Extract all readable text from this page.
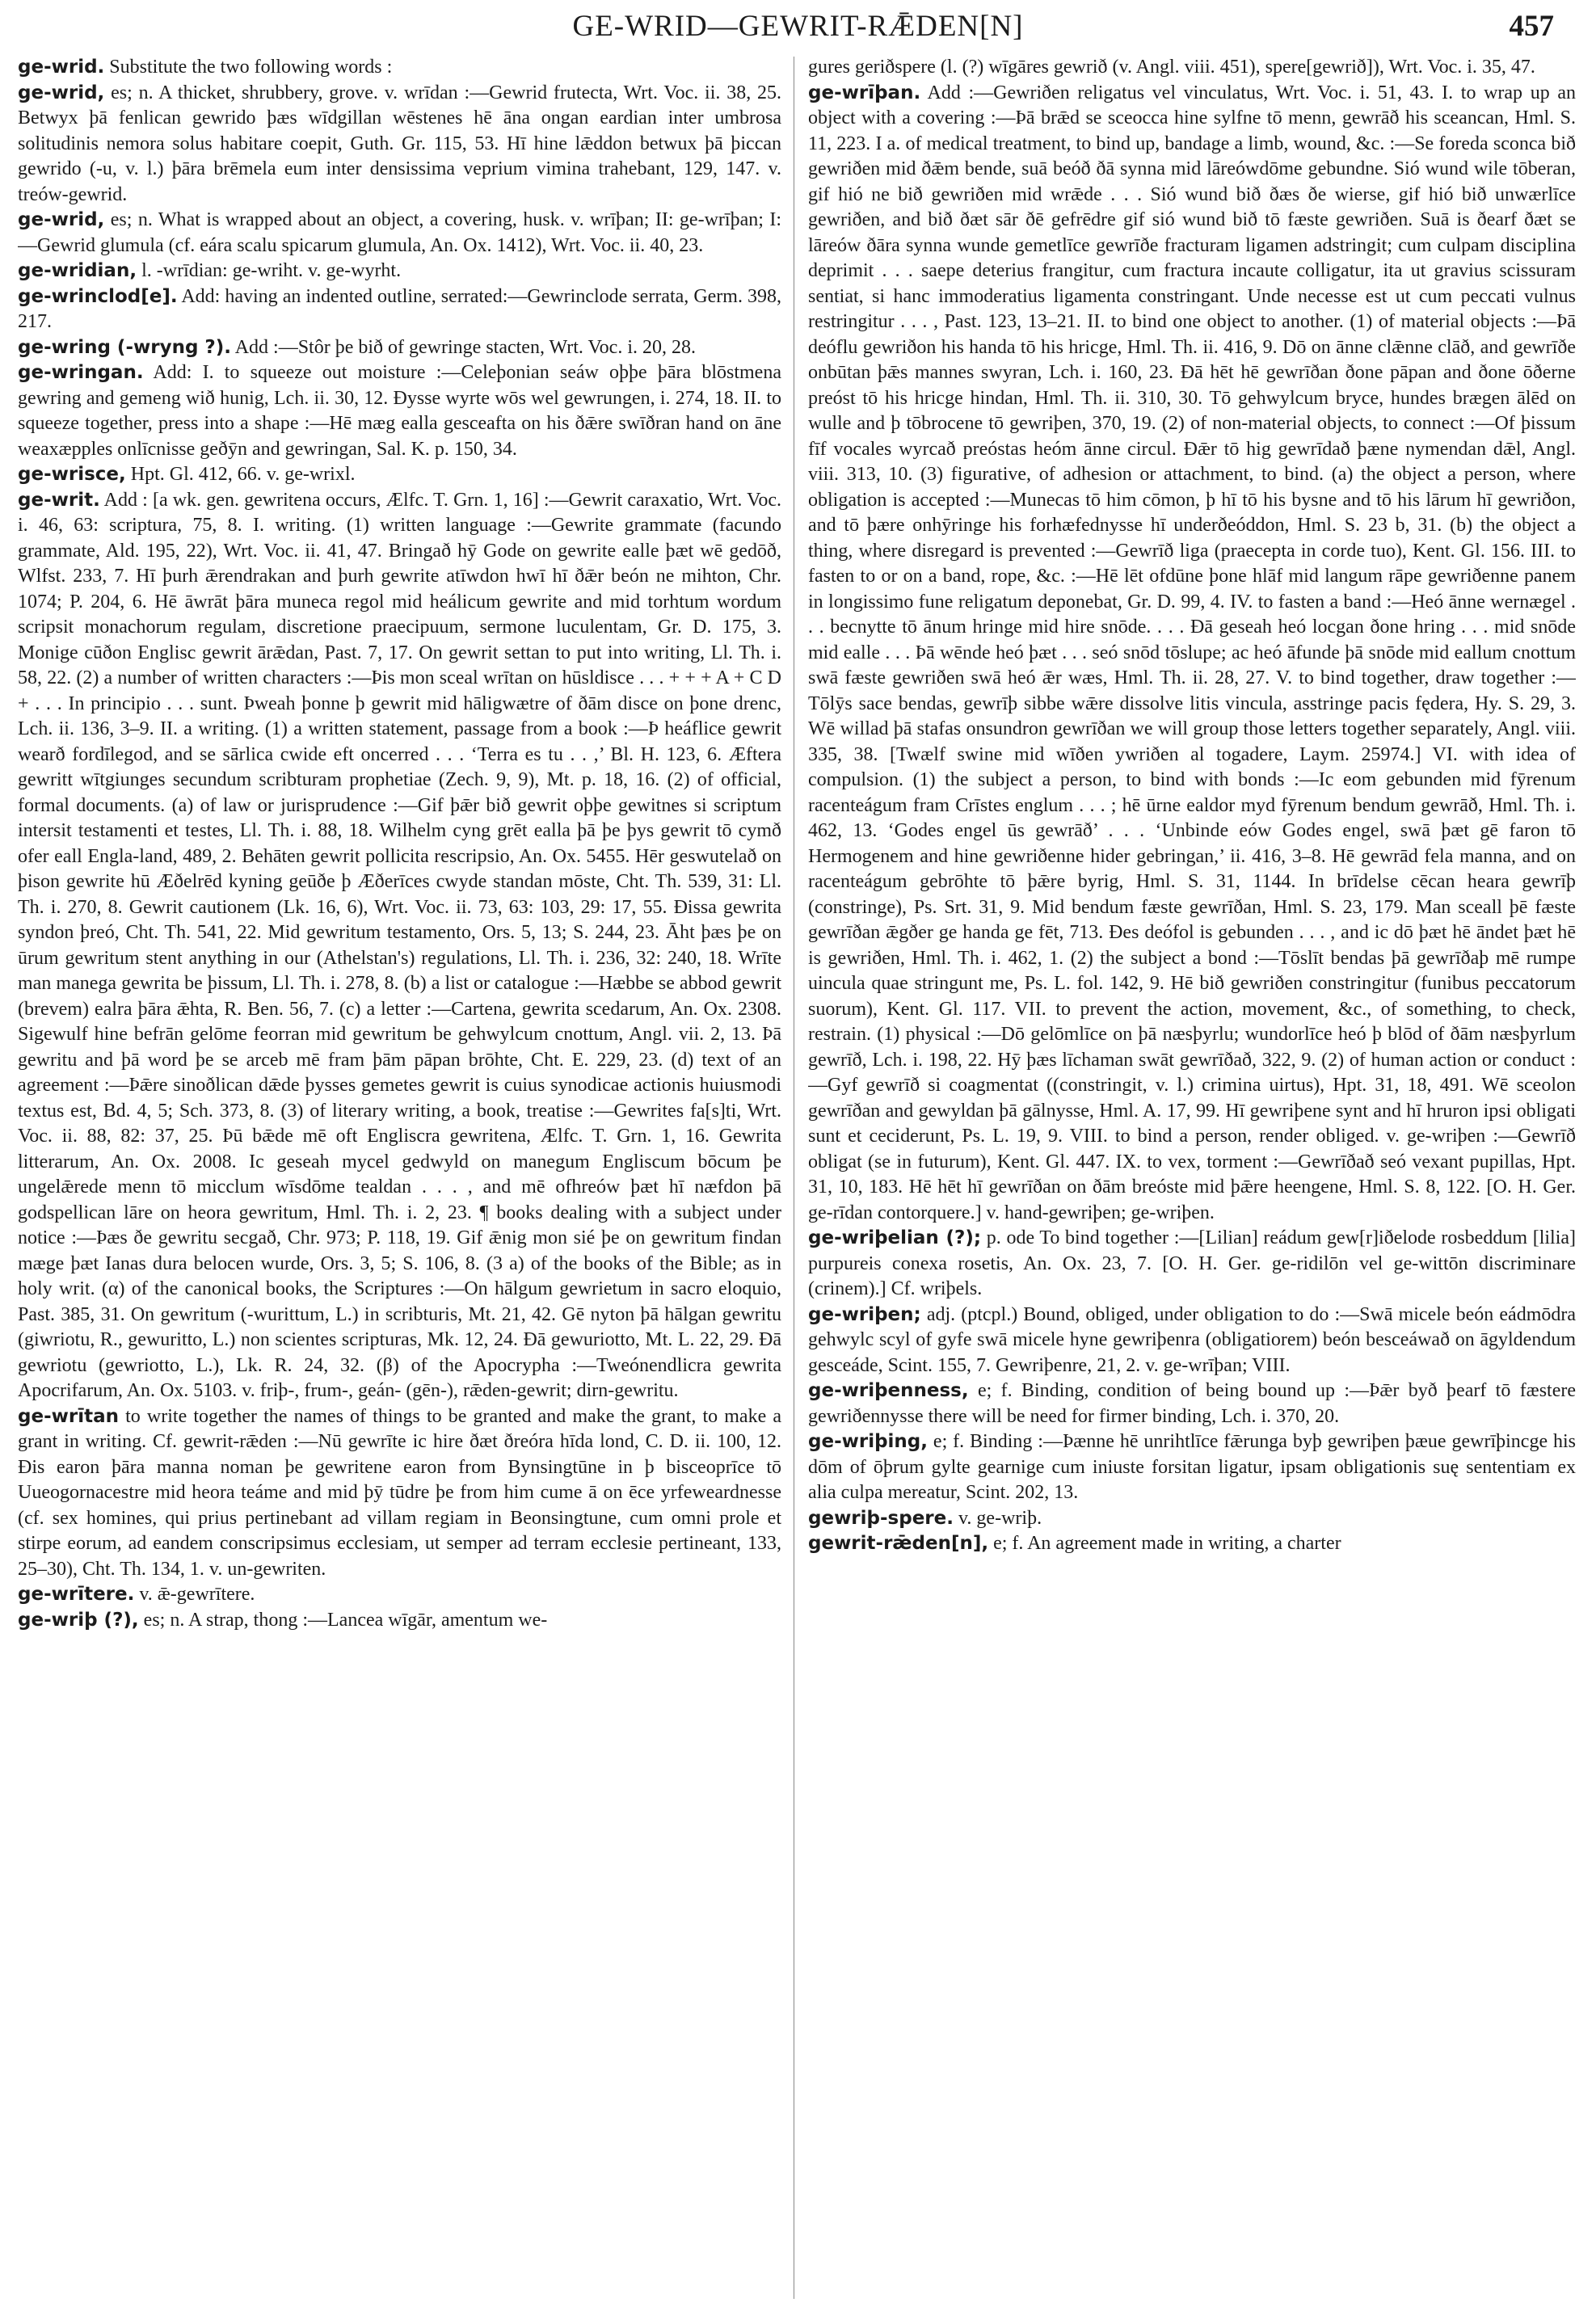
GE-WRID—GEWRIT-RǢDEN[N]	457

ge-wrid. Substitute the two following words :

ge-wrid, es; n. A thicket, shrubbery, grove. v. wrīdan :—Gewrid frutecta, Wrt. Voc. ii. 38, 25. Betwyx þā fenlican gewrido þæs wīdgillan wēstenes hē āna ongan eardian inter umbrosa solitudinis nemora solus habitare coepit, Guth. Gr. 115, 53. Hī hine lǣddon betwux þā þiccan gewrido (-u, v. l.) þāra brēmela eum inter densissima veprium vimina trahebant, 129, 147. v. treów-gewrid.

ge-wrid, es; n. What is wrapped about an object, a covering, husk. v. wrīþan; II: ge-wrīþan; I:—Gewrid glumula (cf. eára scalu spicarum glumula, An. Ox. 1412), Wrt. Voc. ii. 40, 23.

ge-wridian, l. -wrīdian: ge-wriht. v. ge-wyrht.

ge-wrinclod[e]. Add: having an indented outline, serrated:—Gewrinclode serrata, Germ. 398, 217.

ge-wring (-wryng ?). Add :—Stôr þe bið of gewringe stacten, Wrt. Voc. i. 20, 28.

ge-wringan. Add: I. to squeeze out moisture :—Celeþonian seáw oþþe þāra blōstmena gewring and gemeng wið hunig, Lch. ii. 30, 12. Ðysse wyrte wōs wel gewrungen, i. 274, 18. II. to squeeze together, press into a shape :—Hē mæg ealla gesceafta on his ðǣre swīðran hand on āne weaxæpples onlīcnisse geðȳn and gewringan, Sal. K. p. 150, 34.

ge-wrisce, Hpt. Gl. 412, 66. v. ge-wrixl.

ge-writ. Add : [a wk. gen. gewritena occurs, Ælfc. T. Grn. 1, 16] :—Gewrit caraxatio, Wrt. Voc. i. 46, 63: scriptura, 75, 8. I. writing. (1) written language :—Gewrite grammate (facundo grammate, Ald. 195, 22), Wrt. Voc. ii. 41, 47. Bringað hȳ Gode on gewrite ealle þæt wē gedōð, Wlfst. 233, 7. Hī þurh ǣrendrakan and þurh gewrite atīwdon hwī hī ðǣr beón ne mihton, Chr. 1074; P. 204, 6. Hē āwrāt þāra muneca regol mid heálicum gewrite and mid torhtum wordum scripsit monachorum regulam, discretione praecipuum, sermone luculentam, Gr. D. 175, 3. Monige cūðon Englisc gewrit ārǣdan, Past. 7, 17. On gewrit settan to put into writing, Ll. Th. i. 58, 22. (2) a number of written characters :—Þis mon sceal wrītan on hūsldisce . . . + + + A + C D + . . . In principio . . . sunt. Þweah þonne þ gewrit mid hāligwætre of ðām disce on þone drenc, Lch. ii. 136, 3–9. II. a writing. (1) a written statement, passage from a book :—Þ heáflice gewrit wearð fordīlegod, and se sārlica cwide eft oncerred . . . ‘Terra es tu . . ,’ Bl. H. 123, 6. Æftera gewritt wītgiunges secundum scribturam prophetiae (Zech. 9, 9), Mt. p. 18, 16. (2) of official, formal documents. (a) of law or jurisprudence :—Gif þǣr bið gewrit oþþe gewitnes si scriptum intersit testamenti et testes, Ll. Th. i. 88, 18. Wilhelm cyng grēt ealla þā þe þys gewrit tō cymð ofer eall Engla-land, 489, 2. Behāten gewrit pollicita rescripsio, An. Ox. 5455. Hēr geswutelað on þison gewrite hū Æðelrēd kyning geūðe þ Æðerīces cwyde standan mōste, Cht. Th. 539, 31: Ll. Th. i. 270, 8. Gewrit cautionem (Lk. 16, 6), Wrt. Voc. ii. 73, 63: 103, 29: 17, 55. Ðissa gewrita syndon þreó, Cht. Th. 541, 22. Mid gewritum testamento, Ors. 5, 13; S. 244, 23. Āht þæs þe on ūrum gewritum stent anything in our (Athelstan's) regulations, Ll. Th. i. 236, 32: 240, 18. Wrīte man manega gewrita be þissum, Ll. Th. i. 278, 8. (b) a list or catalogue :—Hæbbe se abbod gewrit (brevem) ealra þāra ǣhta, R. Ben. 56, 7. (c) a letter :—Cartena, gewrita scedarum, An. Ox. 2308. Sigewulf hine befrān gelōme feorran mid gewritum be gehwylcum cnottum, Angl. vii. 2, 13. Þā gewritu and þā word þe se arceb mē fram þām pāpan brōhte, Cht. E. 229, 23. (d) text of an agreement :—Þǣre sinoðlican dǣde þysses gemetes gewrit is cuius synodicae actionis huiusmodi textus est, Bd. 4, 5; Sch. 373, 8. (3) of literary writing, a book, treatise :—Gewrites fa[s]ti, Wrt. Voc. ii. 88, 82: 37, 25. Þū bǣde mē oft Engliscra gewritena, Ælfc. T. Grn. 1, 16. Gewrita litterarum, An. Ox. 2008. Ic geseah mycel gedwyld on manegum Engliscum bōcum þe ungelǣrede menn tō micclum wīsdōme tealdan . . . , and mē ofhreów þæt hī næfdon þā godspellican lāre on heora gewritum, Hml. Th. i. 2, 23. ¶ books dealing with a subject under notice :—Þæs ðe gewritu secgað, Chr. 973; P. 118, 19. Gif ǣnig mon sié þe on gewritum findan mæge þæt Ianas dura belocen wurde, Ors. 3, 5; S. 106, 8. (3 a) of the books of the Bible; as in holy writ. (α) of the canonical books, the Scriptures :—On hālgum gewrietum in sacro eloquio, Past. 385, 31. On gewritum (-wurittum, L.) in scribturis, Mt. 21, 42. Gē nyton þā hālgan gewritu (giwriotu, R., gewuritto, L.) non scientes scripturas, Mk. 12, 24. Ðā gewuriotto, Mt. L. 22, 29. Ðā gewriotu (gewriotto, L.), Lk. R. 24, 32. (β) of the Apocrypha :—Tweónendlicra gewrita Apocrifarum, An. Ox. 5103. v. friþ-, frum-, geán- (gēn-), rǣden-gewrit; dirn-gewritu.

ge-wrītan to write together the names of things to be granted and make the grant, to make a grant in writing. Cf. gewrit-rǣden :—Nū gewrīte ic hire ðæt ðreóra hīda lond, C. D. ii. 100, 12. Ðis earon þāra manna noman þe gewritene earon from Bynsingtūne in þ bisceoprīce tō Uueogornacestre mid heora teáme and mid þȳ tūdre þe from him cume ā on ēce yrfeweardnesse (cf. sex homines, qui prius pertinebant ad villam regiam in Beonsingtune, cum omni prole et stirpe eorum, ad eandem conscripsimus ecclesiam, ut semper ad terram ecclesie pertineant, 133, 25–30), Cht. Th. 134, 1. v. un-gewriten.

ge-wrītere. v. ǣ-gewrītere.

ge-wriþ (?), es; n. A strap, thong :—Lancea wīgār, amentum we-

gures geriðspere (l. (?) wīgāres gewrið (v. Angl. viii. 451), spere[gewrið]), Wrt. Voc. i. 35, 47.

ge-wrīþan. Add :—Gewriðen religatus vel vinculatus, Wrt. Voc. i. 51, 43. I. to wrap up an object with a covering :—Þā brǣd se sceocca hine sylfne tō menn, gewrāð his sceancan, Hml. S. 11, 223. I a. of medical treatment, to bind up, bandage a limb, wound, &c. :—Se foreda sconca bið gewriðen mid ðǣm bende, suā beóð ðā synna mid lāreówdōme gebundne. Sió wund wile tōberan, gif hió ne bið gewriðen mid wrǣde . . . Sió wund bið ðæs ðe wierse, gif hió bið unwærlīce gewriðen, and bið ðæt sār ðē gefrēdre gif sió wund bið tō fæste gewriðen. Suā is ðearf ðæt se lāreów ðāra synna wunde gemetlīce gewrīðe fracturam ligamen adstringit; cum culpam disciplina deprimit . . . saepe deterius frangitur, cum fractura incaute colligatur, ita ut gravius scissuram sentiat, si hanc immoderatius ligamenta constringant. Unde necesse est ut cum peccati vulnus restringitur . . . , Past. 123, 13–21. II. to bind one object to another. (1) of material objects :—Þā deóflu gewriðon his handa tō his hricge, Hml. Th. ii. 416, 9. Dō on ānne clǣnne clāð, and gewrīðe onbūtan þǣs mannes swyran, Lch. i. 160, 23. Ðā hēt hē gewrīðan ðone pāpan and ðone ōðerne preóst tō his hricge hindan, Hml. Th. ii. 310, 30. Tō gehwylcum bryce, hundes brægen ālēd on wulle and þ tōbrocene tō gewriþen, 370, 19. (2) of non-material objects, to connect :—Of þissum fīf vocales wyrcað preóstas heóm ānne circul. Ðǣr tō hig gewrīdað þæne nymendan dǣl, Angl. viii. 313, 10. (3) figurative, of adhesion or attachment, to bind. (a) the object a person, where obligation is accepted :—Munecas tō him cōmon, þ hī tō his bysne and tō his lārum hī gewriðon, and tō þære onhȳringe his forhæfednysse hī underðeóddon, Hml. S. 23 b, 31. (b) the object a thing, where disregard is prevented :—Gewrīð liga (praecepta in corde tuo), Kent. Gl. 156. III. to fasten to or on a band, rope, &c. :—Hē lēt ofdūne þone hlāf mid langum rāpe gewriðenne panem in longissimo fune religatum deponebat, Gr. D. 99, 4. IV. to fasten a band :—Heó ānne wernægel . . . becnytte tō ānum hringe mid hire snōde. . . . Ðā geseah heó locgan ðone hring . . . mid snōde mid ealle . . . Þā wēnde heó þæt . . . seó snōd tōslupe; ac heó āfunde þā snōde mid eallum cnottum swā fæste gewriðen swā heó ǣr wæs, Hml. Th. ii. 28, 27. V. to bind together, draw together :—Tōlȳs sace bendas, gewrīþ sibbe wǣre dissolve litis vincula, asstringe pacis fędera, Hy. S. 29, 3. Wē willad þā stafas onsundron gewrīðan we will group those letters together separately, Angl. viii. 335, 38. [Twælf swine mid wīðen ywriðen al togadere, Laym. 25974.] VI. with idea of compulsion. (1) the subject a person, to bind with bonds :—Ic eom gebunden mid fȳrenum racenteágum fram Crīstes englum . . . ; hē ūrne ealdor myd fȳrenum bendum gewrāð, Hml. Th. i. 462, 13. ‘Godes engel ūs gewrāð’ . . . ‘Unbinde eów Godes engel, swā þæt gē faron tō Hermogenem and hine gewriðenne hider gebringan,’ ii. 416, 3–8. Hē gewrād fela manna, and on racenteágum gebrōhte tō þǣre byrig, Hml. S. 31, 1144. In brīdelse cēcan heara gewrīþ (constringe), Ps. Srt. 31, 9. Mid bendum fæste gewrīðan, Hml. S. 23, 179. Man sceall þē fæste gewrīðan ǣgðer ge handa ge fēt, 713. Ðes deófol is gebunden . . . , and ic dō þæt hē āndet þæt hē is gewriðen, Hml. Th. i. 462, 1. (2) the subject a bond :—Tōslīt bendas þā gewrīðaþ mē rumpe uincula quae stringunt me, Ps. L. fol. 142, 9. Hē bið gewriðen constringitur (funibus peccatorum suorum), Kent. Gl. 117. VII. to prevent the action, movement, &c., of something, to check, restrain. (1) physical :—Dō gelōmlīce on þā næsþyrlu; wundorlīce heó þ blōd of ðām næsþyrlum gewrīð, Lch. i. 198, 22. Hȳ þæs līchaman swāt gewrīðað, 322, 9. (2) of human action or conduct :—Gyf gewrīð si coagmentat ((constringit, v. l.) crimina uirtus), Hpt. 31, 18, 491. Wē sceolon gewrīðan and gewyldan þā gālnysse, Hml. A. 17, 99. Hī gewriþene synt and hī hruron ipsi obligati sunt et ceciderunt, Ps. L. 19, 9. VIII. to bind a person, render obliged. v. ge-wriþen :—Gewrīð obligat (se in futurum), Kent. Gl. 447. IX. to vex, torment :—Gewrīðað seó vexant pupillas, Hpt. 31, 10, 183. Hē hēt hī gewrīðan on ðām breóste mid þǣre heengene, Hml. S. 8, 122. [O. H. Ger. ge-rīdan contorquere.] v. hand-gewriþen; ge-wriþen.

ge-wriþelian (?); p. ode To bind together :—[Lilian] reádum gew[r]iðelode rosbeddum [lilia] purpureis conexa rosetis, An. Ox. 23, 7. [O. H. Ger. ge-ridilōn vel ge-wittōn discriminare (crinem).] Cf. wriþels.

ge-wriþen; adj. (ptcpl.) Bound, obliged, under obligation to do :—Swā micele beón eádmōdra gehwylc scyl of gyfe swā micele hyne gewriþenra (obligatiorem) beón besceáwað on āgyldendum gesceáde, Scint. 155, 7. Gewriþenre, 21, 2. v. ge-wrīþan; VIII.

ge-wriþenness, e; f. Binding, condition of being bound up :—Þǣr byð þearf tō fæstere gewriðennysse there will be need for firmer binding, Lch. i. 370, 20.

ge-wriþing, e; f. Binding :—Þænne hē unrihtlīce fǣrunga byþ gewriþen þæue gewrīþincge his dōm of ōþrum gylte gearnige cum iniuste forsitan ligatur, ipsam obligationis suę sententiam ex alia culpa mereatur, Scint. 202, 13.

gewriþ-spere. v. ge-wriþ.

gewrit-rǣden[n], e; f. An agreement made in writing, a charter
